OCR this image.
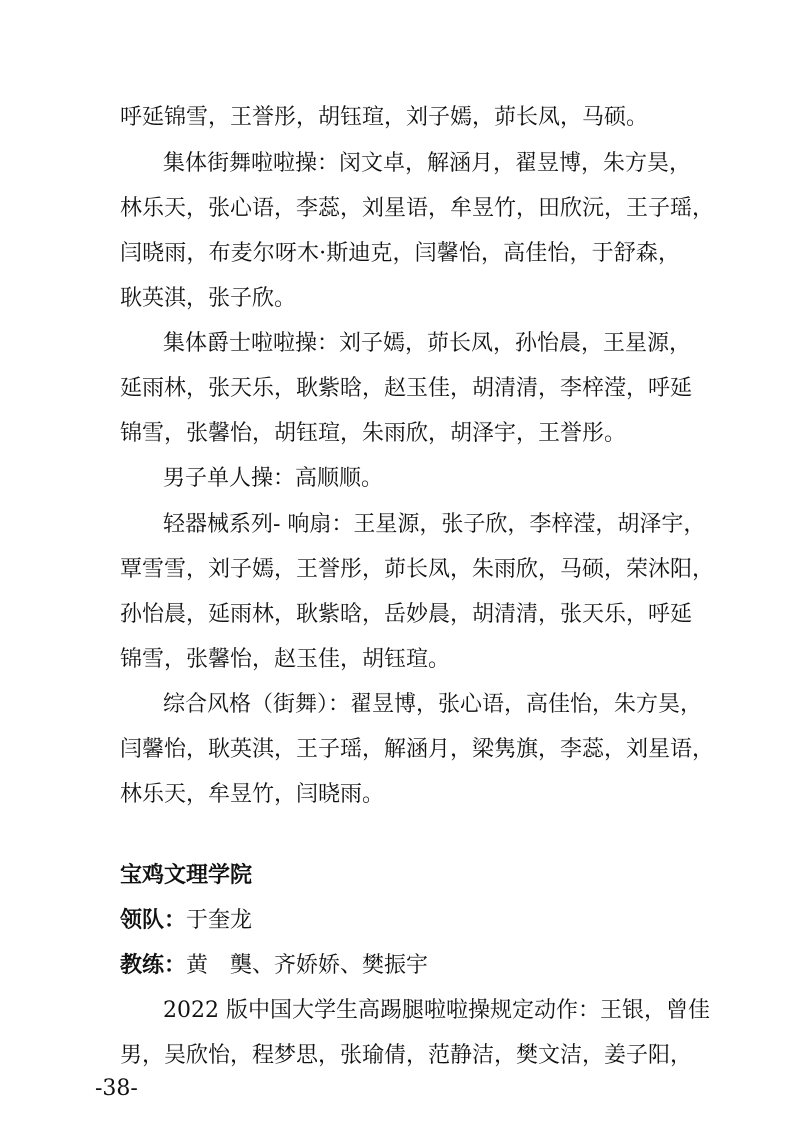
呼延锦雪，王誉彤，胡钰瑄，刘子嫣，茆长凤，马硕。
集体街舞啦啦操：闵文卓，解涵月，翟昱博，朱方昊，
林乐天，张心语，李蕊，刘星语，牟昱竹，田欣沅，王子瑶，
闫晓雨，布麦尔呀木·斯迪克，闫馨怡，高佳怡，于舒森，
耿英淇，张子欣。
集体爵士啦啦操：刘子嫣，茆长凤，孙怡晨，王星源，
延雨林，张天乐，耿紫晗，赵玉佳，胡清清，李梓滢，呼延
锦雪，张馨怡，胡钰瑄，朱雨欣，胡泽宇，王誉彤。
男子单人操：高顺顺。
轻器械系列- 响扇：王星源，张子欣，李梓滢，胡泽宇，
覃雪雪，刘子嫣，王誉彤，茆长凤，朱雨欣，马硕，荣沐阳，
孙怡晨，延雨林，耿紫晗，岳妙晨，胡清清，张天乐，呼延
锦雪，张馨怡，赵玉佳，胡钰瑄。
综合风格（街舞）：翟昱博，张心语，高佳怡，朱方昊，
闫馨怡，耿英淇，王子瑶，解涵月，梁隽旗，李蕊，刘星语，
林乐天，牟昱竹，闫晓雨。
宝鸡文理学院
领队：于奎龙
教练：黄　龑、齐娇娇、樊振宇
2022 版中国大学生高踢腿啦啦操规定动作：王银，曾佳
男，吴欣怡，程梦思，张瑜倩，范静洁，樊文洁，姜子阳，
-38-
